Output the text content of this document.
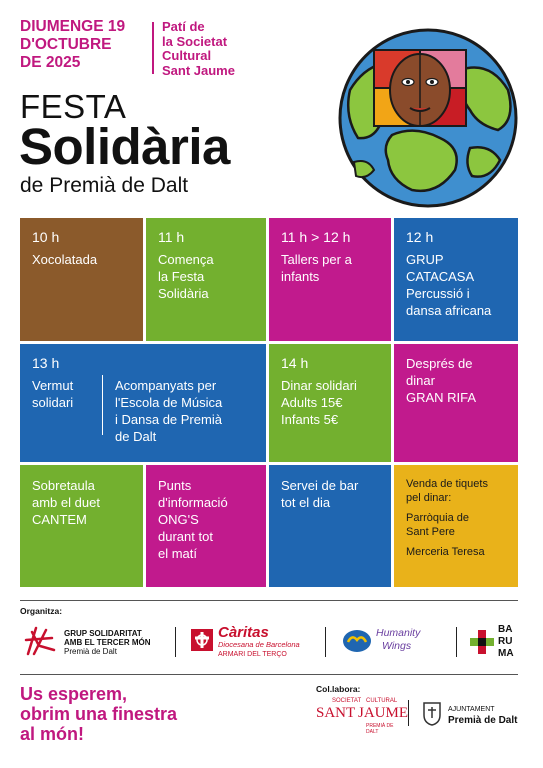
DIUMENGE 19
D'OCTUBRE
DE 2025
Patí de
la Societat
Cultural
Sant Jaume
FESTA
Solidària
de Premià de Dalt
10 h
Xocolatada
11 h
Comença
la Festa
Solidària
11 h > 12 h
Tallers per a
infants
12 h
GRUP
CATACASA
Percussió i
dansa africana
13 h
Vermut
solidari
Acompanyats per
l'Escola de Música
i Dansa de Premià
de Dalt
14 h
Dinar solidari
Adults 15€
Infants 5€
Després de
dinar
GRAN RIFA
Sobretaula
amb el duet
CANTEM
Punts
d'informació
ONG'S
durant tot
el matí
Servei de bar
tot el dia
Venda de tiquets
pel dinar:
Parròquia de
Sant Pere
Merceria Teresa
Organitza:
GRUP SOLIDARITAT
AMB EL TERCER MÓN
Premià de Dalt
Càritas
Diocesana de Barcelona
ARMARI DEL TERÇO
Humanity
Wings
BA
RU
MA
Us esperem,
obrim una finestra
al món!
Col.labora:
SOCIETAT CULTURAL
SANT JAUME
PREMIÀ DE DALT
AJUNTAMENT
Premià de Dalt
